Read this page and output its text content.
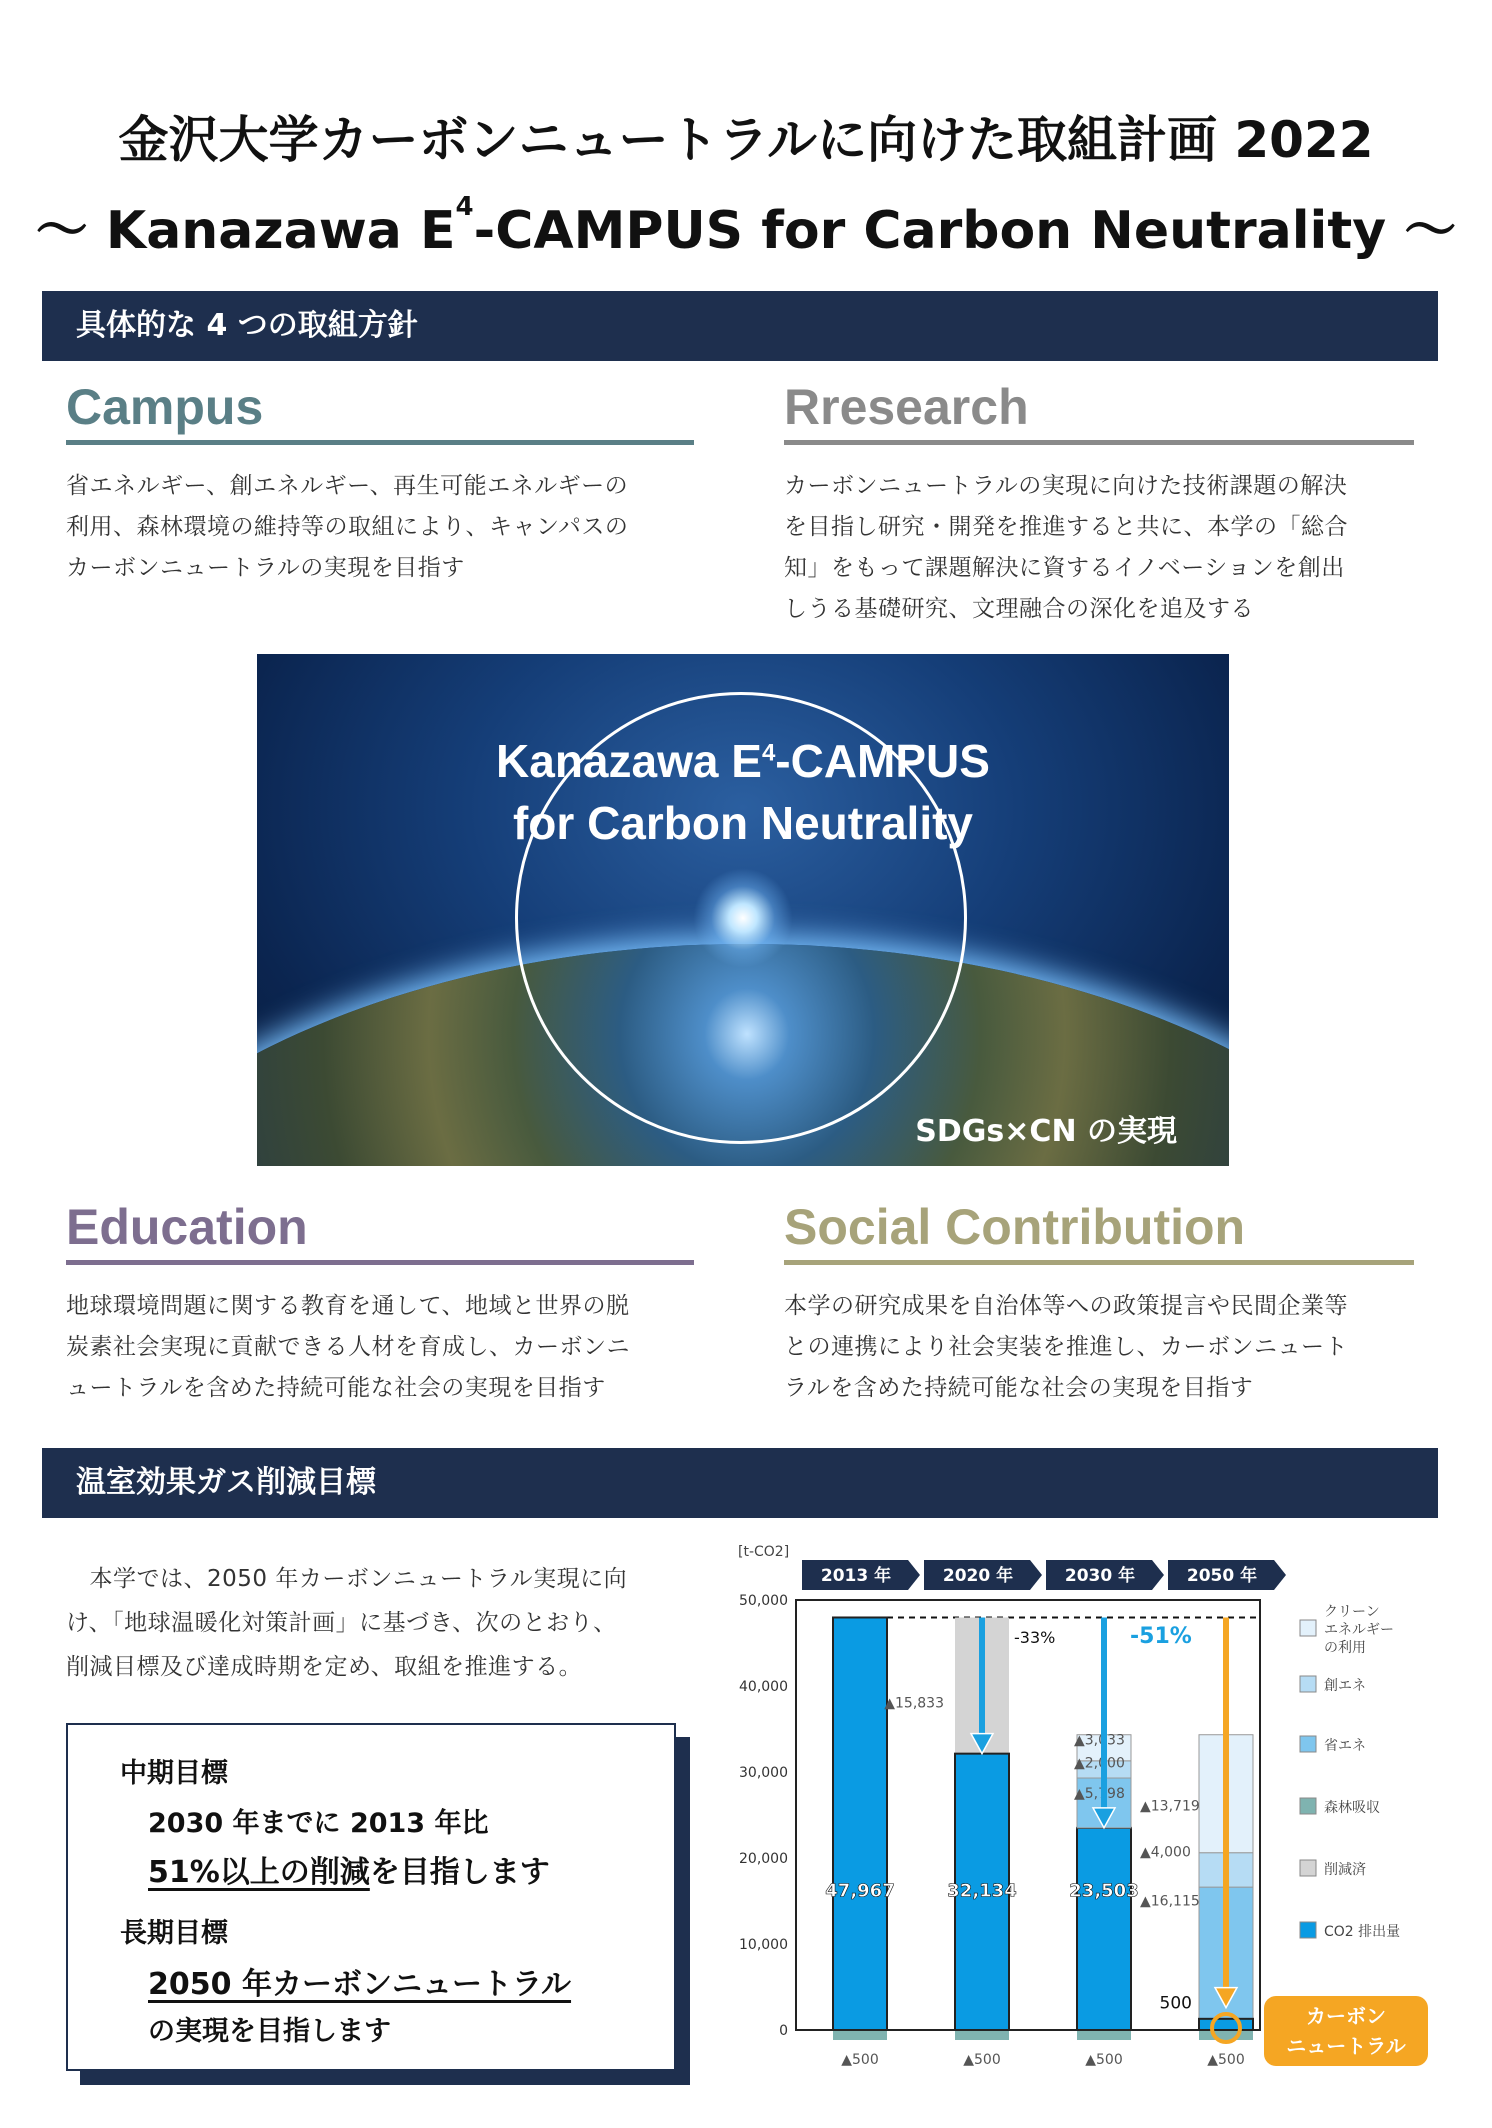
金沢大学カーボンニュートラルに向けた取組計画 2022
〜 Kanazawa $E^4$-CAMPUS for Carbon Neutrality 〜
具体的な 4 つの取組方針
Campus
省エネルギー、創エネルギー、再生可能エネルギーの
利用、森林環境の維持等の取組により、キャンパスの
カーボンニュートラルの実現を目指す
Rresearch
カーボンニュートラルの実現に向けた技術課題の解決
を目指し研究・開発を推進すると共に、本学の「総合
知」をもって課題解決に資するイノベーションを創出
しうる基礎研究、文理融合の深化を追及する
Kanazawa $E^4$-CAMPUS
for Carbon Neutrality
SDGs×CN の実現
Education
地球環境問題に関する教育を通して、地域と世界の脱
炭素社会実現に貢献できる人材を育成し、カーボンニ
ュートラルを含めた持続可能な社会の実現を目指す
Social Contribution
本学の研究成果を自治体等への政策提言や民間企業等
との連携により社会実装を推進し、カーボンニュート
ラルを含めた持続可能な社会の実現を目指す
温室効果ガス削減目標
　本学では、2050 年カーボンニュートラル実現に向
け、「地球温暖化対策計画」に基づき、次のとおり、
削減目標及び達成時期を定め、取組を推進する。
中期目標
2030 年までに 2013 年比
51%以上の削減を目指します
長期目標
2050 年カーボンニュートラル
の実現を目指します
[t-CO2]
0
10,000
20,000
30,000
40,000
50,000
2013 年	2020 年	2030 年	2050 年
47,967	32,134	23,503
500
▲15,833
▲3,033
▲2,000
▲5,798
▲13,719
▲4,000
▲16,115
▲500	▲500	▲500	▲500
-33%	-51%
クリーン
エネルギー
の利用
創エネ
省エネ
森林吸収
削減済
CO2 排出量
カーボン
ニュートラル
